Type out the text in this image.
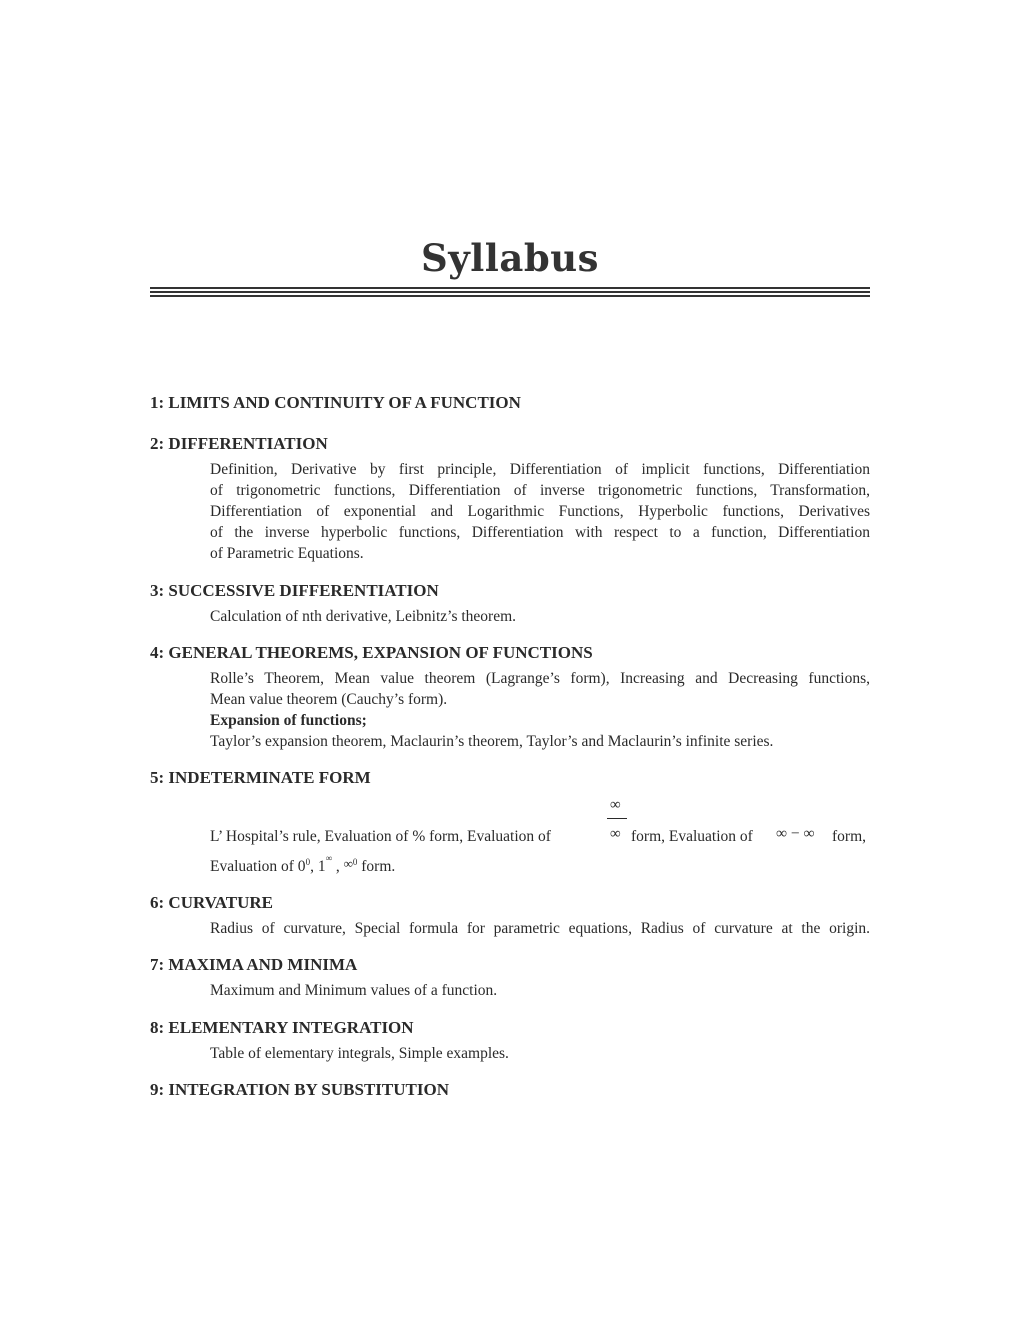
Syllabus
1: LIMITS AND CONTINUITY OF A FUNCTION
2: DIFFERENTIATION
Definition, Derivative by first principle, Differentiation of implicit functions, Differentiation
of trigonometric functions, Differentiation of inverse trigonometric functions, Transformation,
Differentiation of exponential and Logarithmic Functions, Hyperbolic functions, Derivatives
of the inverse hyperbolic functions, Differentiation with respect to a function, Differentiation
of Parametric Equations.
3: SUCCESSIVE DIFFERENTIATION
Calculation of nth derivative, Leibnitz’s theorem.
4: GENERAL THEOREMS, EXPANSION OF FUNCTIONS
Rolle’s Theorem, Mean value theorem (Lagrange’s form), Increasing and Decreasing functions,
Mean value theorem (Cauchy’s form).
Expansion of functions;
Taylor’s expansion theorem, Maclaurin’s theorem, Taylor’s and Maclaurin’s infinite series.
5: INDETERMINATE FORM
∞
L’ Hospital’s rule, Evaluation of % form, Evaluation of	∞ form, Evaluation of ∞ − ∞ form,
Evaluation of $0^0$, 1∞ , ∞$^0$ form.
6: CURVATURE
Radius of curvature, Special formula for parametric equations, Radius of curvature at the origin.
7: MAXIMA AND MINIMA
Maximum and Minimum values of a function.
8: ELEMENTARY INTEGRATION
Table of elementary integrals, Simple examples.
9: INTEGRATION BY SUBSTITUTION
